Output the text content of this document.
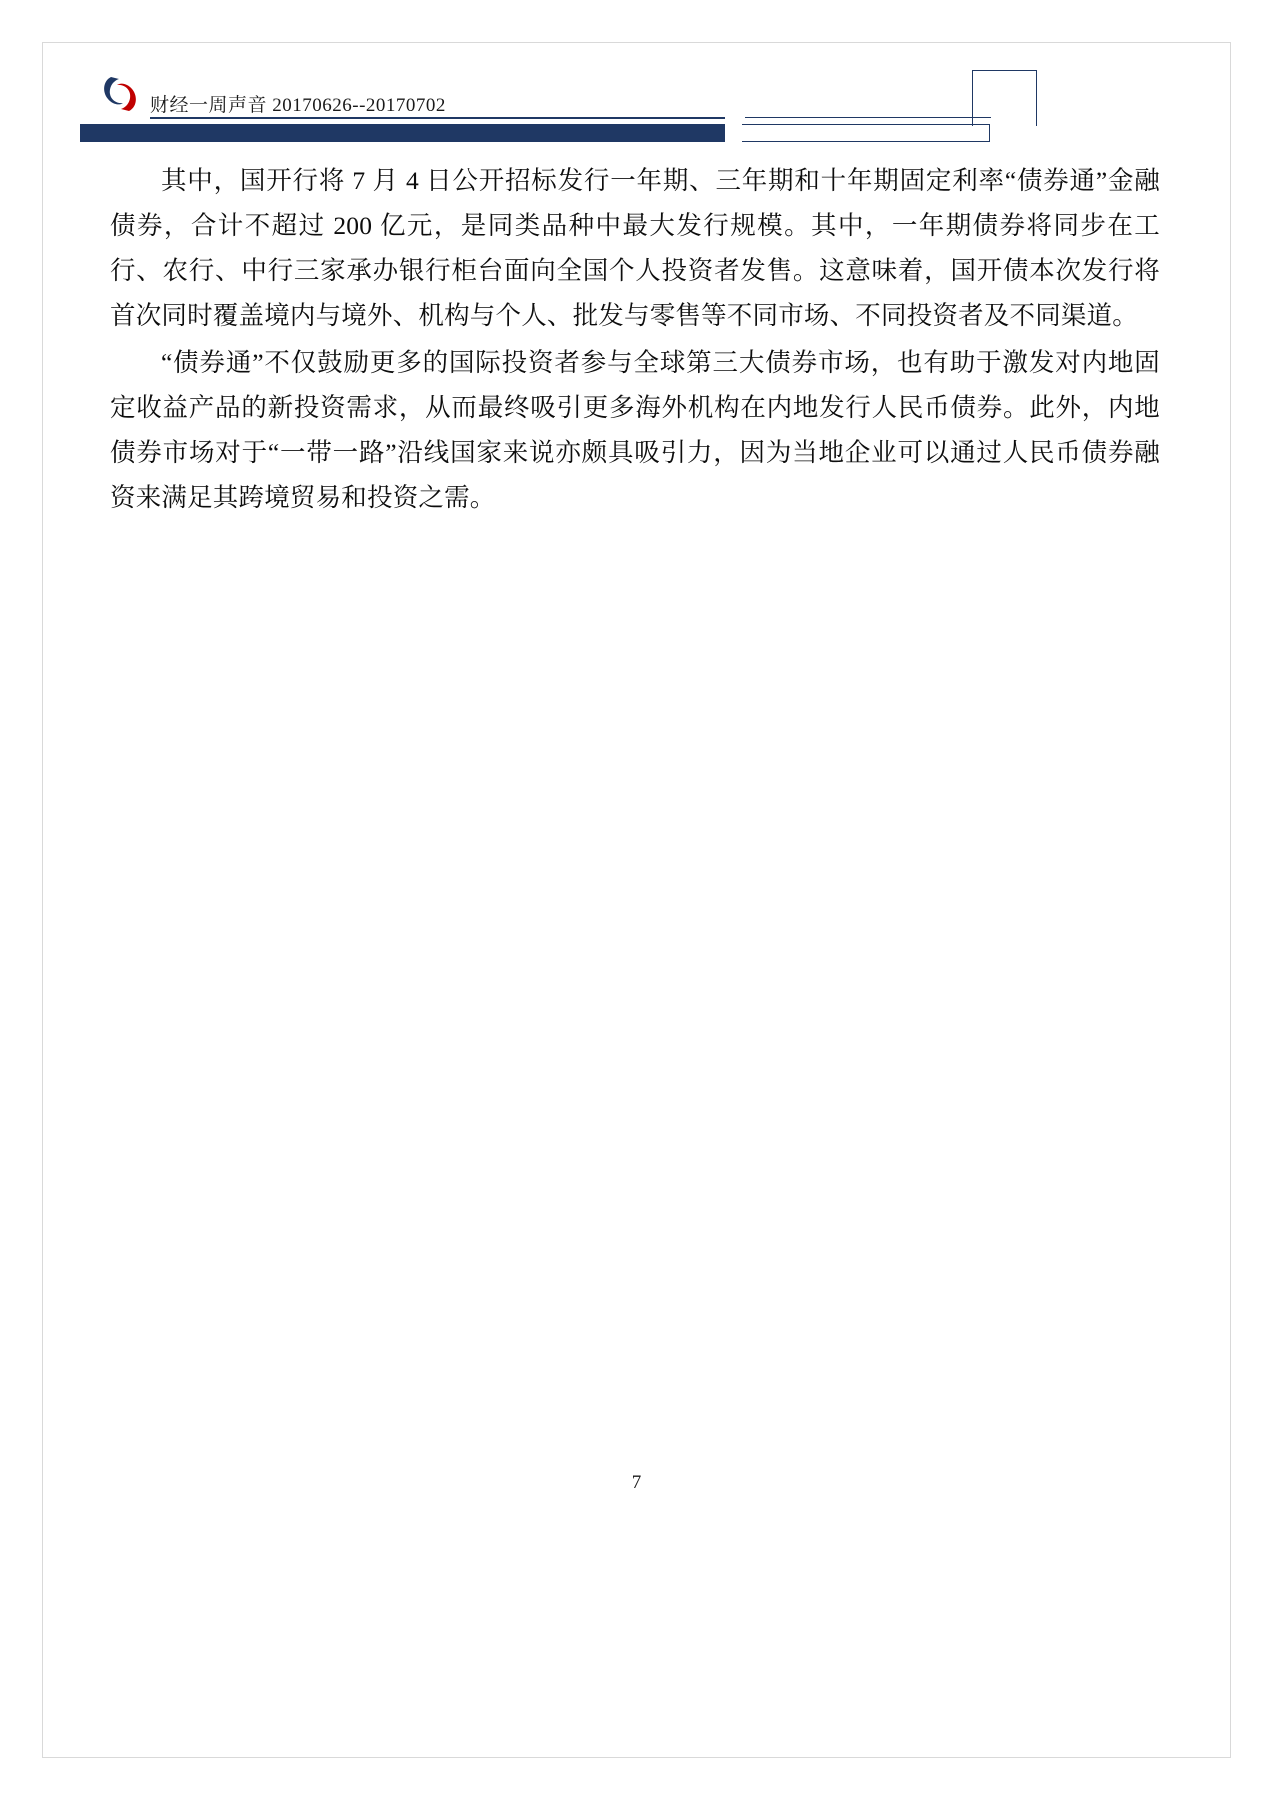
财经一周声音 20170626--20170702

其中，国开行将 7 月 4 日公开招标发行一年期、三年期和十年期固定利率“债券通”金融债券，合计不超过 200 亿元，是同类品种中最大发行规模。其中，一年期债券将同步在工行、农行、中行三家承办银行柜台面向全国个人投资者发售。这意味着，国开债本次发行将首次同时覆盖境内与境外、机构与个人、批发与零售等不同市场、不同投资者及不同渠道。

“债券通”不仅鼓励更多的国际投资者参与全球第三大债券市场，也有助于激发对内地固定收益产品的新投资需求，从而最终吸引更多海外机构在内地发行人民币债券。此外，内地债券市场对于“一带一路”沿线国家来说亦颇具吸引力，因为当地企业可以通过人民币债券融资来满足其跨境贸易和投资之需。

7
